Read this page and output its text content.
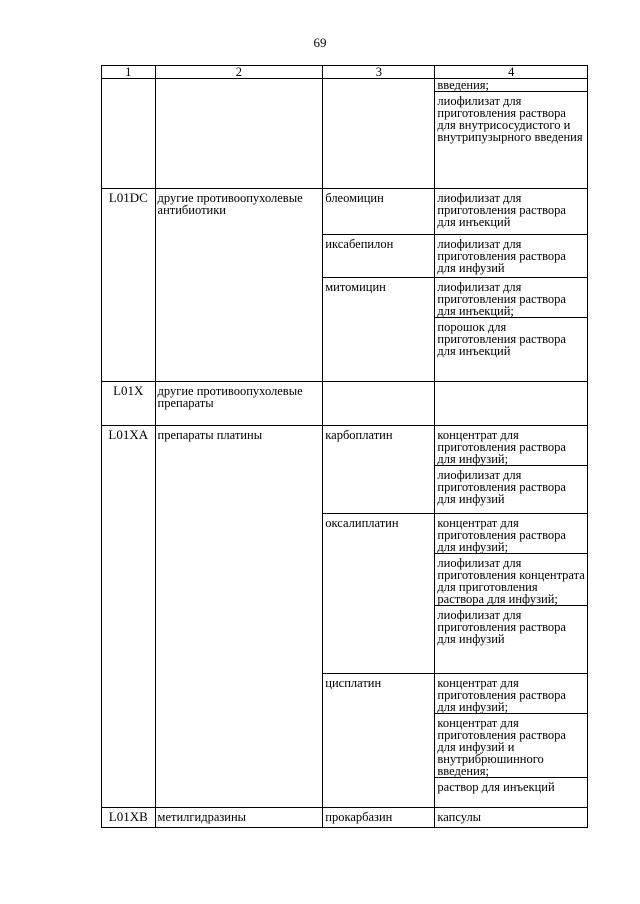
69
1	2	3	4

			введения;
лиофилизат для приготовления раствора для внутрисосудистого и внутрипузырного введения

L01DC	другие противоопухолевые антибиотики	блеомицин	лиофилизат для приготовления раствора для инъекций

		иксабепилон	лиофилизат для приготовления раствора для инфузий

		митомицин	лиофилизат для приготовления раствора для инъекций;
порошок для приготовления раствора для инъекций

L01X	другие противоопухолевые препараты		
L01XA	препараты платины	карбоплатин	концентрат для приготовления раствора для инфузий;
лиофилизат для приготовления раствора для инфузий

		оксалиплатин	концентрат для приготовления раствора для инфузий;
лиофилизат для приготовления концентрата для приготовления раствора для инфузий;
лиофилизат для приготовления раствора для инфузий

		цисплатин	концентрат для приготовления раствора для инфузий;
концентрат для приготовления раствора для инфузий и внутрибрюшинного введения;
раствор для инъекций

L01XB	метилгидразины	прокарбазин	капсулы
